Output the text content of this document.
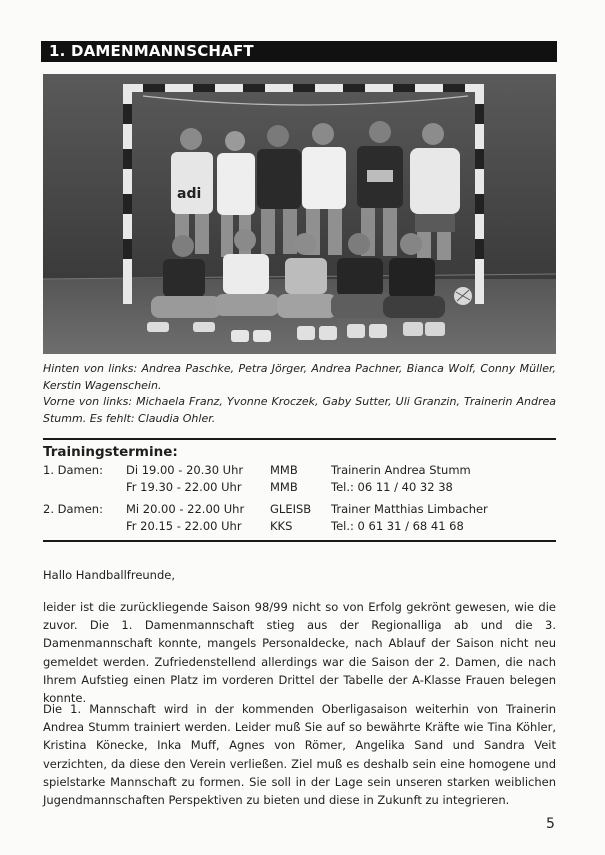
1. DAMENMANNSCHAFT
adi

Hinten von links: Andrea Paschke, Petra Jörger, Andrea Pachner, Bianca Wolf, Conny Müller, Kerstin Wagenschein.

Vorne von links: Michaela Franz, Yvonne Kroczek, Gaby Sutter, Uli Granzin, Trainerin Andrea Stumm. Es fehlt: Claudia Ohler.

Trainingstermine:
1. Damen: Di 19.00 - 20.30 Uhr MMB	Trainerin Andrea Stumm
Fr 19.30 - 22.00 Uhr MMB	Tel.: 06 11 / 40 32 38
2. Damen: Mi 20.00 - 22.00 Uhr GLEISB Trainer Matthias Limbacher
Fr 20.15 - 22.00 Uhr KKS	Tel.: 0 61 31 / 68 41 68
Hallo Handballfreunde,
leider ist die zurückliegende Saison 98/99 nicht so von Erfolg gekrönt gewesen, wie die zuvor. Die 1. Damenmannschaft stieg aus der Regionalliga ab und die 3. Damenmannschaft konnte, mangels Personaldecke, nach Ablauf der Saison nicht neu gemeldet werden. Zufriedenstellend allerdings war die Saison der 2. Damen, die nach Ihrem Aufstieg einen Platz im vorderen Drittel der Tabelle der A-Klasse Frauen belegen konnte.
Die 1. Mannschaft wird in der kommenden Oberligasaison weiterhin von Trainerin Andrea Stumm trainiert werden. Leider muß Sie auf so bewährte Kräfte wie Tina Köhler, Kristina Könecke, Inka Muff, Agnes von Römer, Angelika Sand und Sandra Veit verzichten, da diese den Verein verließen. Ziel muß es deshalb sein eine homogene und spielstarke Mannschaft zu formen. Sie soll in der Lage sein unseren starken weiblichen Jugendmannschaften Perspektiven zu bieten und diese in Zukunft zu integrieren.
5
